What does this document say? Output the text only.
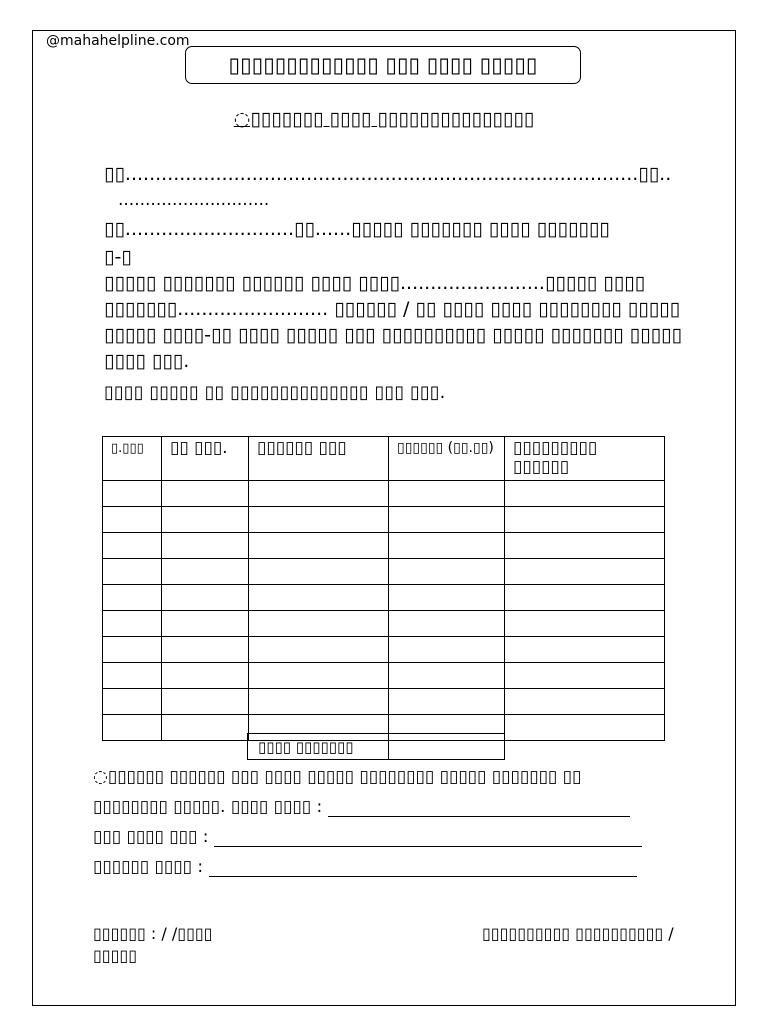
@mahahelpline.com
▯▯▯▯▯▯▯▯▯▯▯▯▯ ▯▯▯ ▯▯▯▯ ▯▯▯▯▯
◌▯▯▯▯▯▯▯ ▯▯▯▯ ▯▯▯▯▯▯▯▯▯▯▯▯▯▯▯
▯▯.....................................................................................▯▯..
............................
▯▯............................▯▯......▯▯▯▯▯ ▯▯▯▯▯▯▯ ▯▯▯▯ ▯▯▯▯▯▯▯
▯-▯
▯▯▯▯▯ ▯▯▯▯▯▯▯ ▯▯▯▯▯▯ ▯▯▯▯ ▯▯▯▯........................▯▯▯▯▯ ▯▯▯▯ ▯▯▯▯▯▯▯......................... ▯▯▯▯▯▯ / ▯▯ ▯▯▯▯ ▯▯▯▯ ▯▯▯▯▯▯▯▯ ▯▯▯▯▯ ▯▯▯▯▯ ▯▯▯▯-▯▯ ▯▯▯▯ ▯▯▯▯▯ ▯▯▯ ▯▯▯▯▯▯▯▯▯▯ ▯▯▯▯▯ ▯▯▯▯▯▯▯ ▯▯▯▯▯ ▯▯▯▯ ▯▯▯.
▯▯▯▯ ▯▯▯▯▯ ▯▯ ▯▯▯▯▯▯▯▯▯▯▯▯▯▯ ▯▯▯ ▯▯▯.
▯.▯▯▯	▯▯ ▯▯▯.	▯▯▯▯▯▯ ▯▯▯	▯▯▯▯▯▯ (▯▯.▯▯)	▯▯▯▯▯▯▯▯▯ ▯▯▯▯▯▯

▯▯▯▯ ▯▯▯▯▯▯▯	
◌▯▯▯▯▯▯ ▯▯▯▯▯▯ ▯▯▯ ▯▯▯▯ ▯▯▯▯▯ ▯▯▯▯▯▯▯▯ ▯▯▯▯▯ ▯▯▯▯▯▯▯ ▯▯
▯▯▯▯▯▯▯▯ ▯▯▯▯▯. ▯▯▯▯ ▯▯▯▯ :
▯▯▯ ▯▯▯▯ ▯▯▯ :
▯▯▯▯▯▯ ▯▯▯▯ :
▯▯▯▯▯▯ : / /▯▯▯▯
▯▯▯▯▯
▯▯▯▯▯▯▯▯▯▯ ▯▯▯▯▯▯▯▯▯▯ /
